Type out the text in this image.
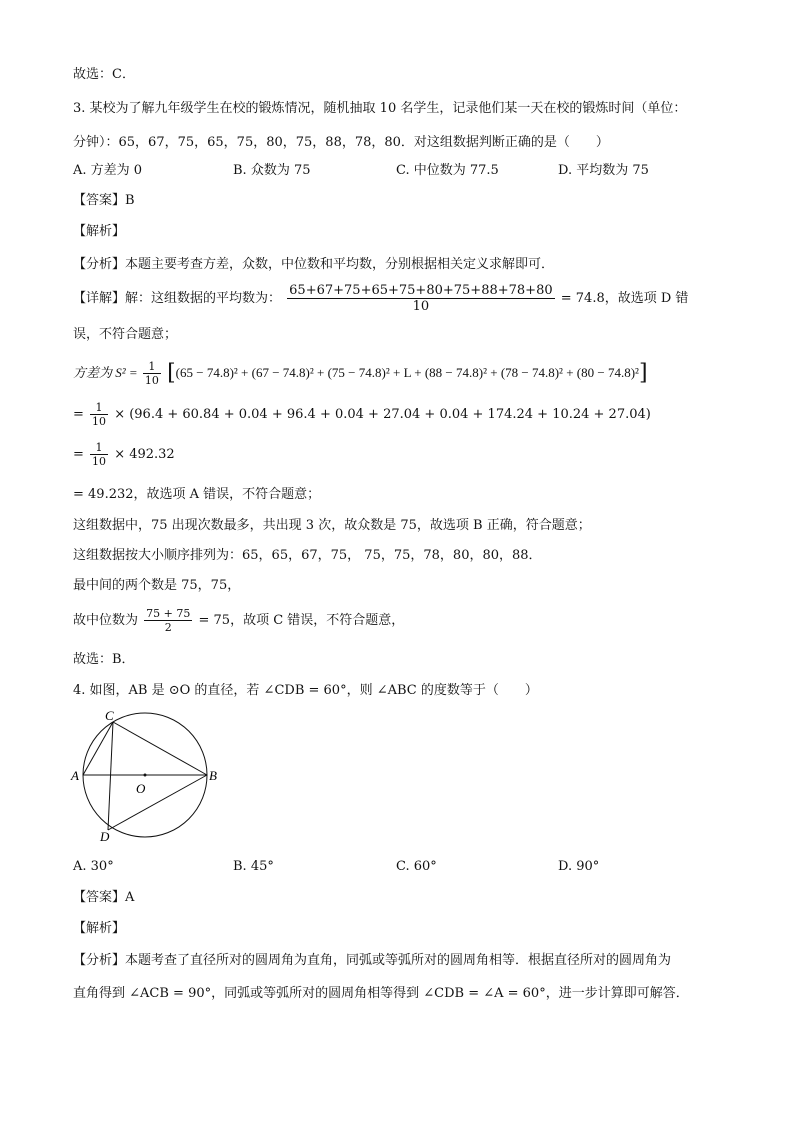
故选：C．
3. 某校为了解九年级学生在校的锻炼情况，随机抽取 10 名学生，记录他们某一天在校的锻炼时间（单位：
分钟）：65，67，75，65，75，80，75，88，78，80．对这组数据判断正确的是（　　）
A. 方差为 0	B. 众数为 75	C. 中位数为 77.5	D. 平均数为 75
【答案】B
【解析】
【分析】本题主要考查方差，众数，中位数和平均数，分别根据相关定义求解即可．
【详解】解：这组数据的平均数为： $\frac{65+67+75+65+75+80+75+88+78+80}{10} = 74.8$，故选项 D 错
误，不符合题意；
方差为 $S^2 = \frac{1}{10} [(65 - 74.8)^2 + (67 - 74.8)^2 + (75 - 74.8)^2 + L + (88 - 74.8)^2 + (78 - 74.8)^2 + (80 - 74.8)^2]$
= $\frac{1}{10} \times (96.4 + 60.84 + 0.04 + 96.4 + 0.04 + 27.04 + 0.04 + 174.24 + 10.24 + 27.04)$
= $\frac{1}{10} \times 492.32$
= 49.232，故选项 A 错误，不符合题意；
这组数据中，75 出现次数最多，共出现 3 次，故众数是 75，故选项 B 正确，符合题意；
这组数据按大小顺序排列为：65，65，67，75， 75，75，78，80，80，88．
最中间的两个数是 75，75，
故中位数为 $\frac{75 + 75}{2} = 75$，故项 C 错误，不符合题意，
故选：B．
4. 如图，AB 是 ⊙O 的直径，若 ∠CDB = 60°，则 ∠ABC 的度数等于（　　）
A	B
C
D
O
A. 30°	B. 45°	C. 60°	D. 90°
【答案】A
【解析】
【分析】本题考查了直径所对的圆周角为直角，同弧或等弧所对的圆周角相等．根据直径所对的圆周角为
直角得到 ∠ACB = 90°，同弧或等弧所对的圆周角相等得到 ∠CDB = ∠A = 60°，进一步计算即可解答．
